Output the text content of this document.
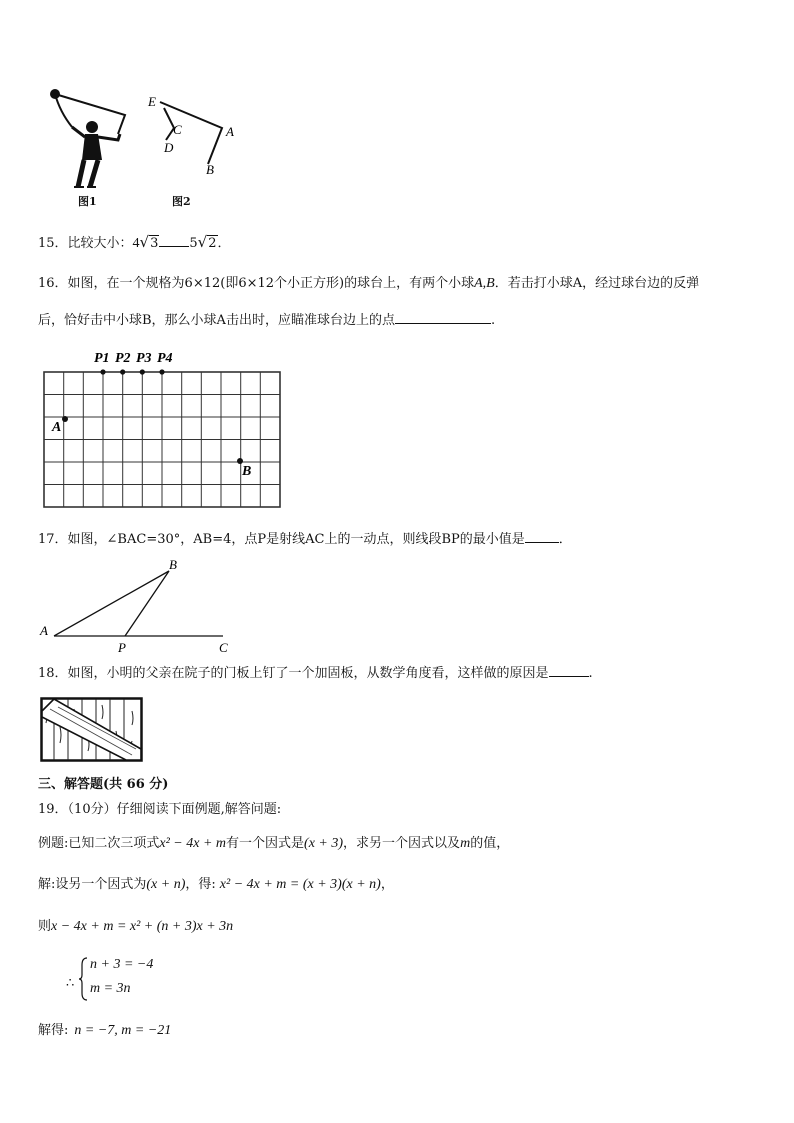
图1
E
C
D
A
B
图2
15．比较大小：4√3 5√2．
16．如图，在一个规格为6×12(即6×12个小正方形)的球台上，有两个小球A,B．若击打小球A，经过球台边的反弹
后，恰好击中小球B，那么小球A击出时，应瞄准球台边上的点	.
P1 P2 P3 P4
A
B
17．如图，∠BAC=30°，AB=4，点P是射线AC上的一动点，则线段BP的最小值是	．
A
B
P	C
18．如图，小明的父亲在院子的门板上钉了一个加固板，从数学角度看，这样做的原因是	.
三、解答题(共 66 分)
19．（10分）仔细阅读下面例题,解答问题:
例题:已知二次三项式x² − 4x + m有一个因式是(x + 3)，求另一个因式以及m的值，
解:设另一个因式为(x + n)，得: x² − 4x + m = (x + 3)(x + n)，
则x − 4x + m = x² + (n + 3)x + 3n
∴
n + 3 = −4
m = 3n
解得: n = −7, m = −21
